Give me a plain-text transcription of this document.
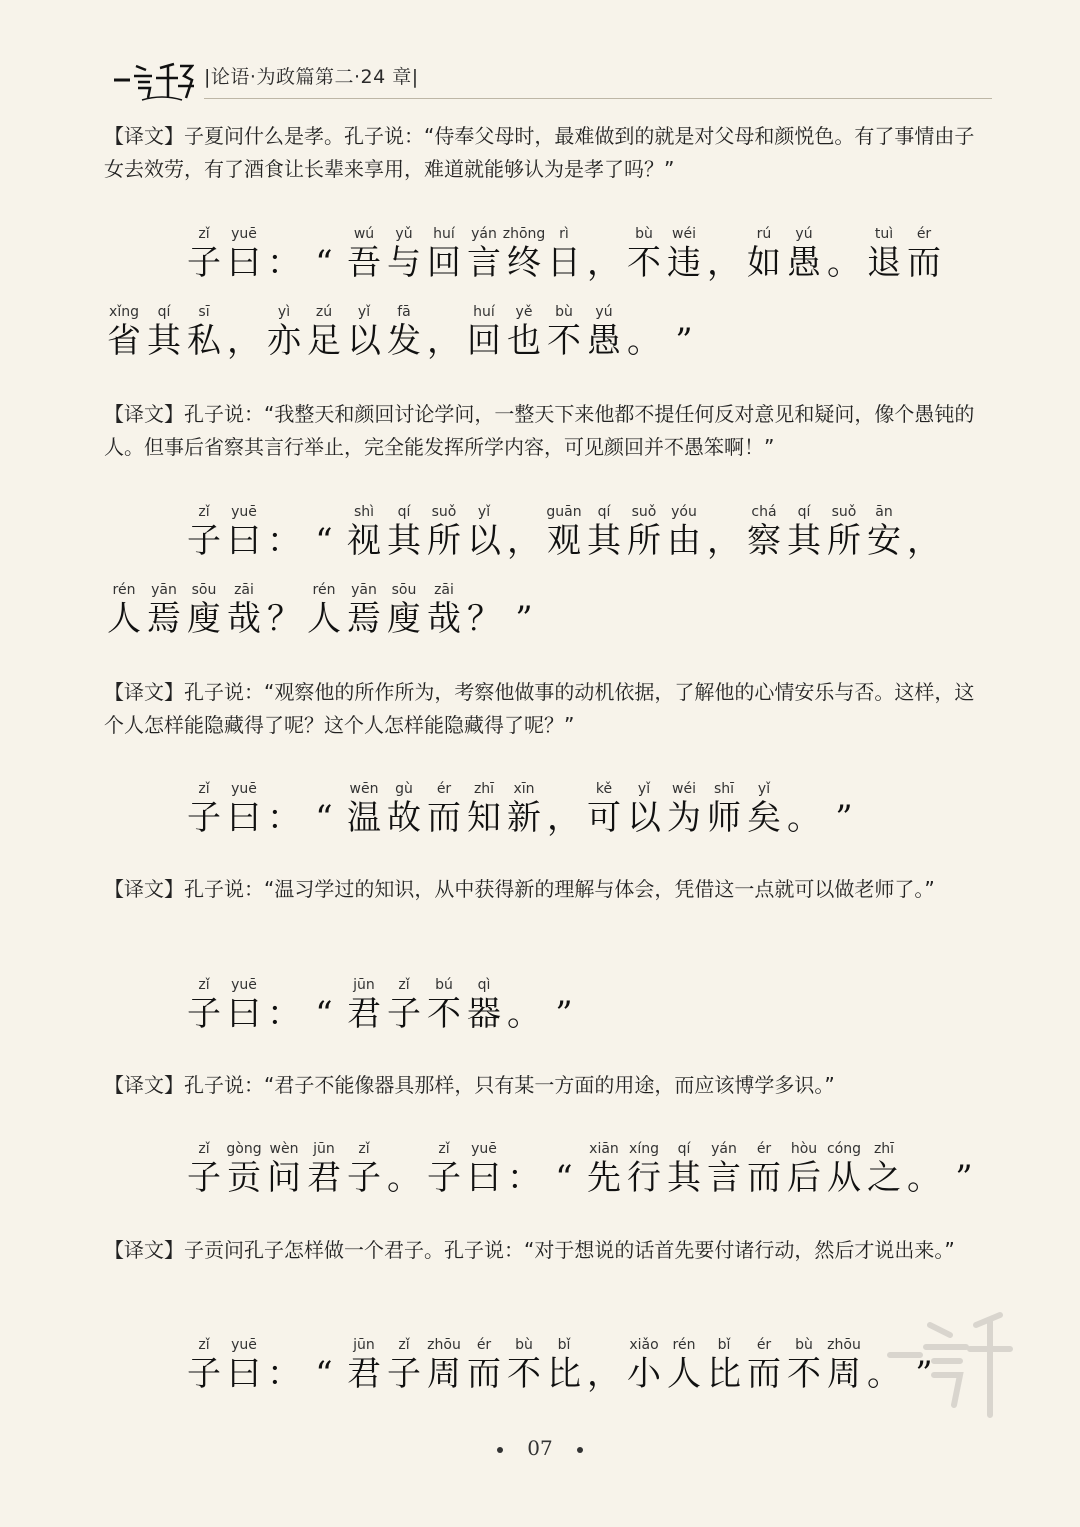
|论语·为政篇第二·24 章|
【译文】子夏问什么是孝。孔子说：“侍奉父母时，最难做到的就是对父母和颜悦色。有了事情由子女去效劳，有了酒食让长辈来享用，难道就能够认为是孝了吗？”
zǐ
子
yuē
曰 ： “
wú
吾
yǔ
与
huí
回
yán
言
zhōng
终
rì
日 ，
bù
不
wéi
违 ，
rú
如
yú
愚 。
tuì
退
ér
而
xǐng
省
qí
其
sī
私 ，
yì
亦
zú
足
yǐ
以
fā
发 ，
huí
回
yě
也
bù
不
yú
愚 。 ”
【译文】孔子说：“我整天和颜回讨论学问，一整天下来他都不提任何反对意见和疑问，像个愚钝的人。但事后省察其言行举止，完全能发挥所学内容，可见颜回并不愚笨啊！”
zǐ
子
yuē
曰 ： “
shì
视
qí
其
suǒ
所
yǐ
以 ，
guān
观
qí
其
suǒ
所
yóu
由 ，
chá
察
qí
其
suǒ
所
ān
安 ，
rén
人
yān
焉
sōu
廋
zāi
哉 ？
rén
人
yān
焉
sōu
廋
zāi
哉 ？ ”
【译文】孔子说：“观察他的所作所为，考察他做事的动机依据，了解他的心情安乐与否。这样，这个人怎样能隐藏得了呢？这个人怎样能隐藏得了呢？”
zǐ
子
yuē
曰 ： “
wēn
温
gù
故
ér
而
zhī
知
xīn
新 ，
kě
可
yǐ
以
wéi
为
shī
师
yǐ
矣 。 ”
【译文】孔子说：“温习学过的知识，从中获得新的理解与体会，凭借这一点就可以做老师了。”
zǐ
子
yuē
曰 ： “
jūn
君
zǐ
子
bú
不
qì
器 。 ”
【译文】孔子说：“君子不能像器具那样，只有某一方面的用途，而应该博学多识。”
zǐ
子
gòng
贡
wèn
问
jūn
君
zǐ
子 。
zǐ
子
yuē
曰 ： “
xiān
先
xíng
行
qí
其
yán
言
ér
而
hòu
后
cóng
从
zhī
之 。 ”
【译文】子贡问孔子怎样做一个君子。孔子说：“对于想说的话首先要付诸行动，然后才说出来。”
zǐ
子
yuē
曰 ： “
jūn
君
zǐ
子
zhōu
周
ér
而
bù
不
bǐ
比 ，
xiǎo
小
rén
人
bǐ
比
ér
而
bù
不
zhōu
周 。 ”
07
